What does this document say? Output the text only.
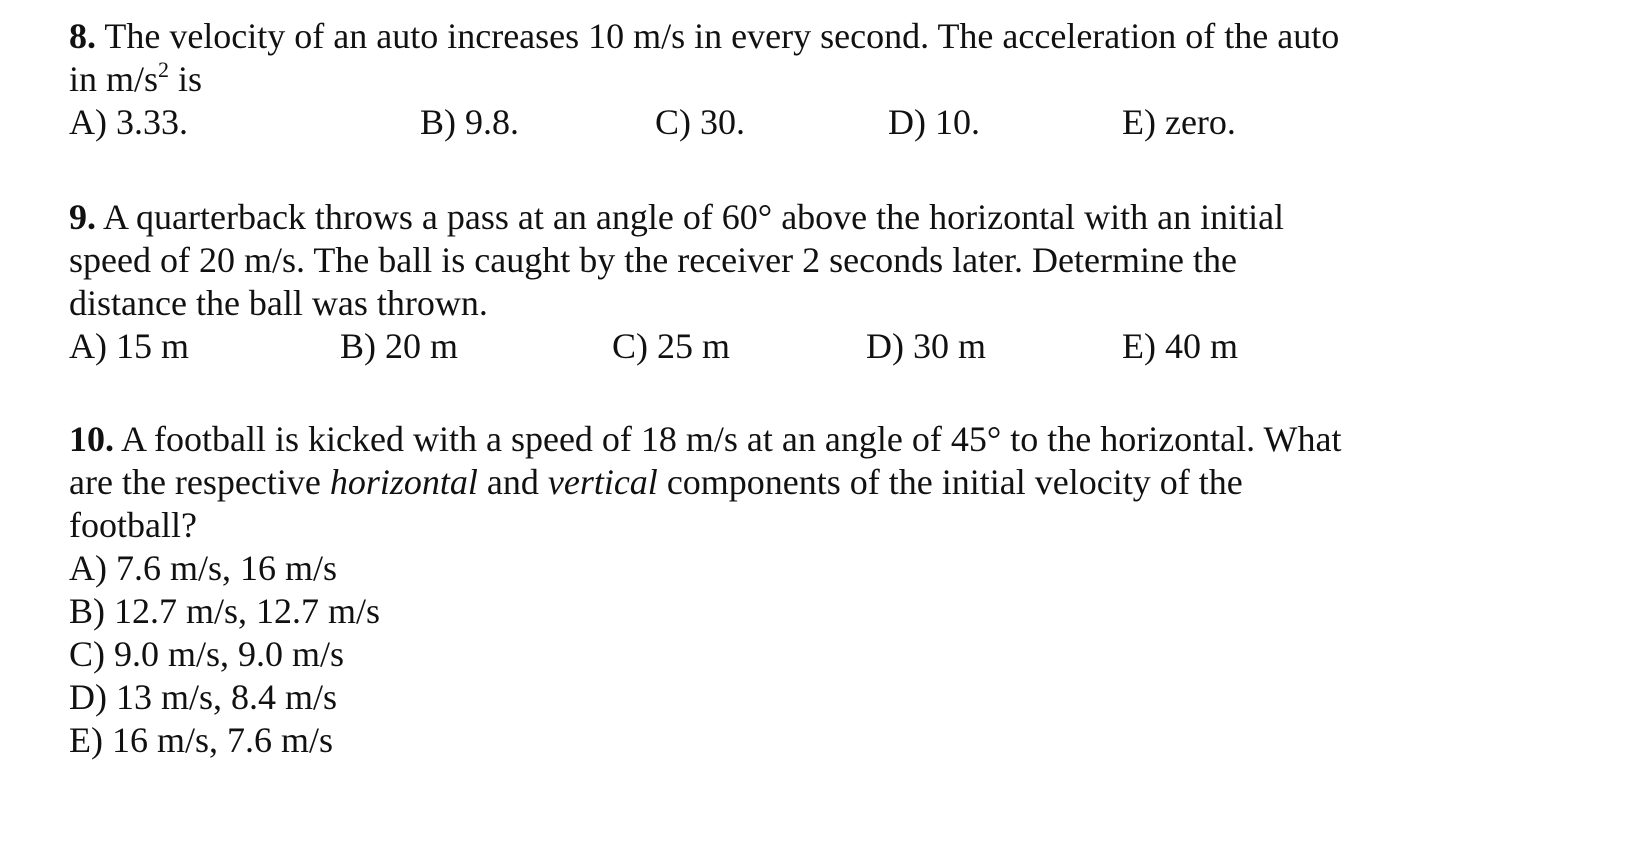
8. The velocity of an auto increases 10 m/s in every second. The acceleration of the auto

in $m/s^2$ is

A) 3.33.	B) 9.8.	C) 30.	D) 10.	E) zero.

9. A quarterback throws a pass at an angle of 60° above the horizontal with an initial

speed of 20 m/s. The ball is caught by the receiver 2 seconds later. Determine the

distance the ball was thrown.

A) 15 m	B) 20 m	C) 25 m	D) 30 m	E) 40 m

10. A football is kicked with a speed of 18 m/s at an angle of 45° to the horizontal. What

are the respective horizontal and vertical components of the initial velocity of the

football?

A) 7.6 m/s, 16 m/s
B) 12.7 m/s, 12.7 m/s
C) 9.0 m/s, 9.0 m/s
D) 13 m/s, 8.4 m/s
E) 16 m/s, 7.6 m/s
